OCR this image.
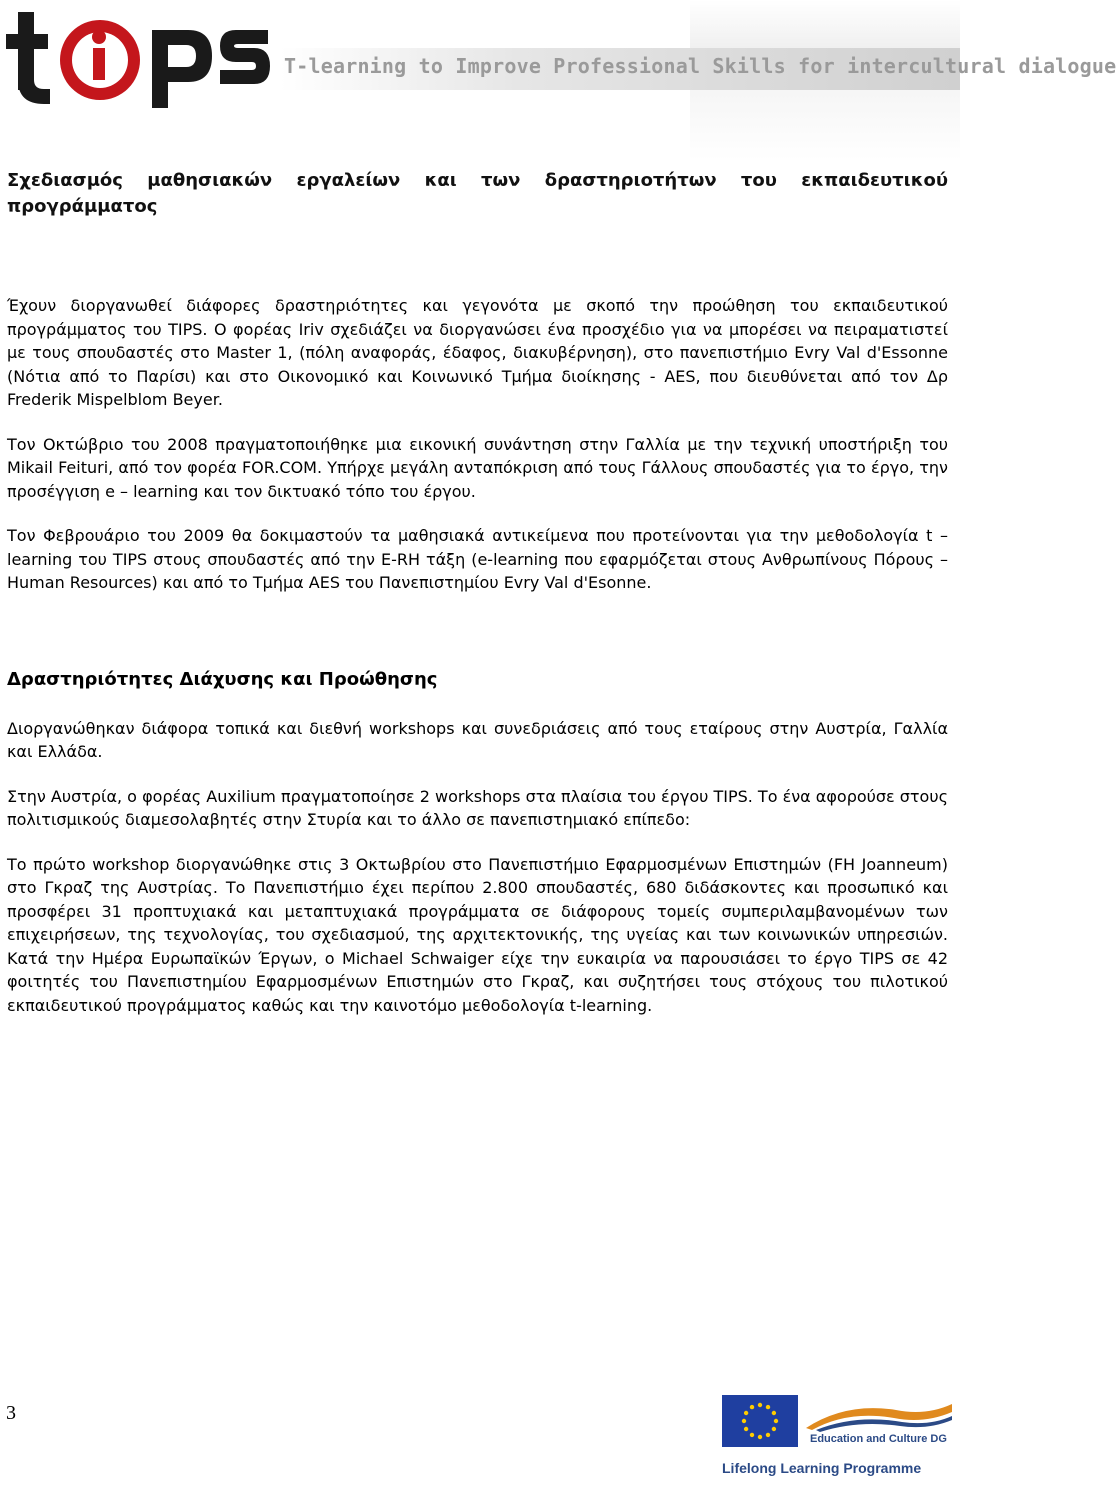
T-learning to Improve Professional Skills for intercultural dialogue

Σχεδιασμός μαθησιακών εργαλείων και των δραστηριοτήτων του εκπαιδευτικού προγράμματος

Έχουν διοργανωθεί διάφορες δραστηριότητες και γεγονότα με σκοπό την προώθηση του εκπαιδευτικού προγράμματος του TIPS. Ο φορέας Iriv σχεδιάζει να διοργανώσει ένα προσχέδιο για να μπορέσει να πειραματιστεί με τους σπουδαστές στο Master 1, (πόλη αναφοράς, έδαφος, διακυβέρνηση), στο πανεπιστήμιο Evry Val d'Essonne (Νότια από το Παρίσι) και στο Οικονομικό και Κοινωνικό Τμήμα διοίκησης - AES, που διευθύνεται από τον Δρ Frederik Mispelblom Beyer.

Τον Οκτώβριο του 2008 πραγματοποιήθηκε μια εικονική συνάντηση στην Γαλλία με την τεχνική υποστήριξη του Mikail Feituri, από τον φορέα FOR.COM. Υπήρχε μεγάλη ανταπόκριση από τους Γάλλους σπουδαστές για το έργο, την προσέγγιση e – learning και τον δικτυακό τόπο του έργου.

Τον Φεβρουάριο του 2009 θα δοκιμαστούν τα μαθησιακά αντικείμενα που προτείνονται για την μεθοδολογία t – learning του TIPS στους σπουδαστές από την E-RH τάξη (e-learning που εφαρμόζεται στους Ανθρωπίνους Πόρους – Human Resources) και από το Τμήμα AES του Πανεπιστημίου Evry Val d'Esonne.

Δραστηριότητες Διάχυσης και Προώθησης

Διοργανώθηκαν διάφορα τοπικά και διεθνή workshops και συνεδριάσεις από τους εταίρους στην Αυστρία, Γαλλία και Ελλάδα.

Στην Αυστρία, ο φορέας Auxilium πραγματοποίησε 2 workshops στα πλαίσια του έργου TIPS. Το ένα αφορούσε στους πολιτισμικούς διαμεσολαβητές στην Στυρία και το άλλο σε πανεπιστημιακό επίπεδο:

Το πρώτο workshop διοργανώθηκε στις 3 Οκτωβρίου στο Πανεπιστήμιο Εφαρμοσμένων Επιστημών (FH Joanneum) στο Γκραζ της Αυστρίας. Το Πανεπιστήμιο έχει περίπου 2.800 σπουδαστές, 680 διδάσκοντες και προσωπικό και προσφέρει 31 προπτυχιακά και μεταπτυχιακά προγράμματα σε διάφορους τομείς συμπεριλαμβανομένων των επιχειρήσεων, της τεχνολογίας, του σχεδιασμού, της αρχιτεκτονικής, της υγείας και των κοινωνικών υπηρεσιών. Κατά την Ημέρα Ευρωπαϊκών Έργων, ο Michael Schwaiger είχε την ευκαιρία να παρουσιάσει το έργο TIPS σε 42 φοιτητές του Πανεπιστημίου Εφαρμοσμένων Επιστημών στο Γκραζ, και συζητήσει τους στόχους του πιλοτικού εκπαιδευτικού προγράμματος καθώς και την καινοτόμο μεθοδολογία t-learning.

3
Education and Culture DG
Lifelong Learning Programme
